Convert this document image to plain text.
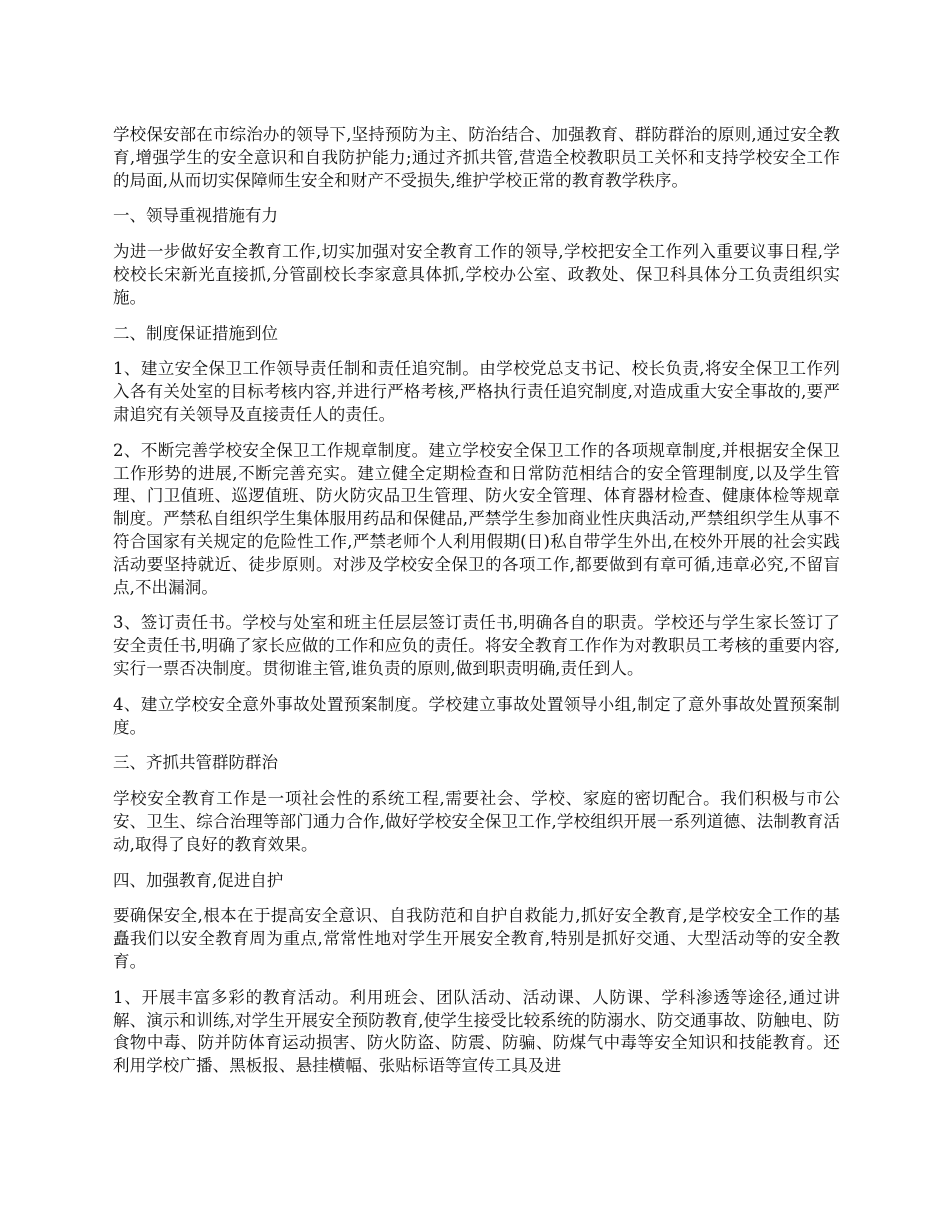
学校保安部在市综治办的领导下,坚持预防为主、防治结合、加强教育、群防群治的原则,通过安全教育,增强学生的安全意识和自我防护能力;通过齐抓共管,营造全校教职员工关怀和支持学校安全工作的局面,从而切实保障师生安全和财产不受损失,维护学校正常的教育教学秩序。

一、领导重视措施有力

为进一步做好安全教育工作,切实加强对安全教育工作的领导,学校把安全工作列入重要议事日程,学校校长宋新光直接抓,分管副校长李家意具体抓,学校办公室、政教处、保卫科具体分工负责组织实施。

二、制度保证措施到位

1、建立安全保卫工作领导责任制和责任追究制。由学校党总支书记、校长负责,将安全保卫工作列入各有关处室的目标考核内容,并进行严格考核,严格执行责任追究制度,对造成重大安全事故的,要严肃追究有关领导及直接责任人的责任。

2、不断完善学校安全保卫工作规章制度。建立学校安全保卫工作的各项规章制度,并根据安全保卫工作形势的进展,不断完善充实。建立健全定期检查和日常防范相结合的安全管理制度,以及学生管理、门卫值班、巡逻值班、防火防灾品卫生管理、防火安全管理、体育器材检查、健康体检等规章制度。严禁私自组织学生集体服用药品和保健品,严禁学生参加商业性庆典活动,严禁组织学生从事不符合国家有关规定的危险性工作,严禁老师个人利用假期(日)私自带学生外出,在校外开展的社会实践活动要坚持就近、徒步原则。对涉及学校安全保卫的各项工作,都要做到有章可循,违章必究,不留盲点,不出漏洞。

3、签订责任书。学校与处室和班主任层层签订责任书,明确各自的职责。学校还与学生家长签订了安全责任书,明确了家长应做的工作和应负的责任。将安全教育工作作为对教职员工考核的重要内容,实行一票否决制度。贯彻谁主管,谁负责的原则,做到职责明确,责任到人。

4、建立学校安全意外事故处置预案制度。学校建立事故处置领导小组,制定了意外事故处置预案制度。

三、齐抓共管群防群治

学校安全教育工作是一项社会性的系统工程,需要社会、学校、家庭的密切配合。我们积极与市公安、卫生、综合治理等部门通力合作,做好学校安全保卫工作,学校组织开展一系列道德、法制教育活动,取得了良好的教育效果。

四、加强教育,促进自护

要确保安全,根本在于提高安全意识、自我防范和自护自救能力,抓好安全教育,是学校安全工作的基矗我们以安全教育周为重点,常常性地对学生开展安全教育,特别是抓好交通、大型活动等的安全教育。

1、开展丰富多彩的教育活动。利用班会、团队活动、活动课、人防课、学科渗透等途径,通过讲解、演示和训练,对学生开展安全预防教育,使学生接受比较系统的防溺水、防交通事故、防触电、防食物中毒、防并防体育运动损害、防火防盗、防震、防骗、防煤气中毒等安全知识和技能教育。还利用学校广播、黑板报、悬挂横幅、张贴标语等宣传工具及进
